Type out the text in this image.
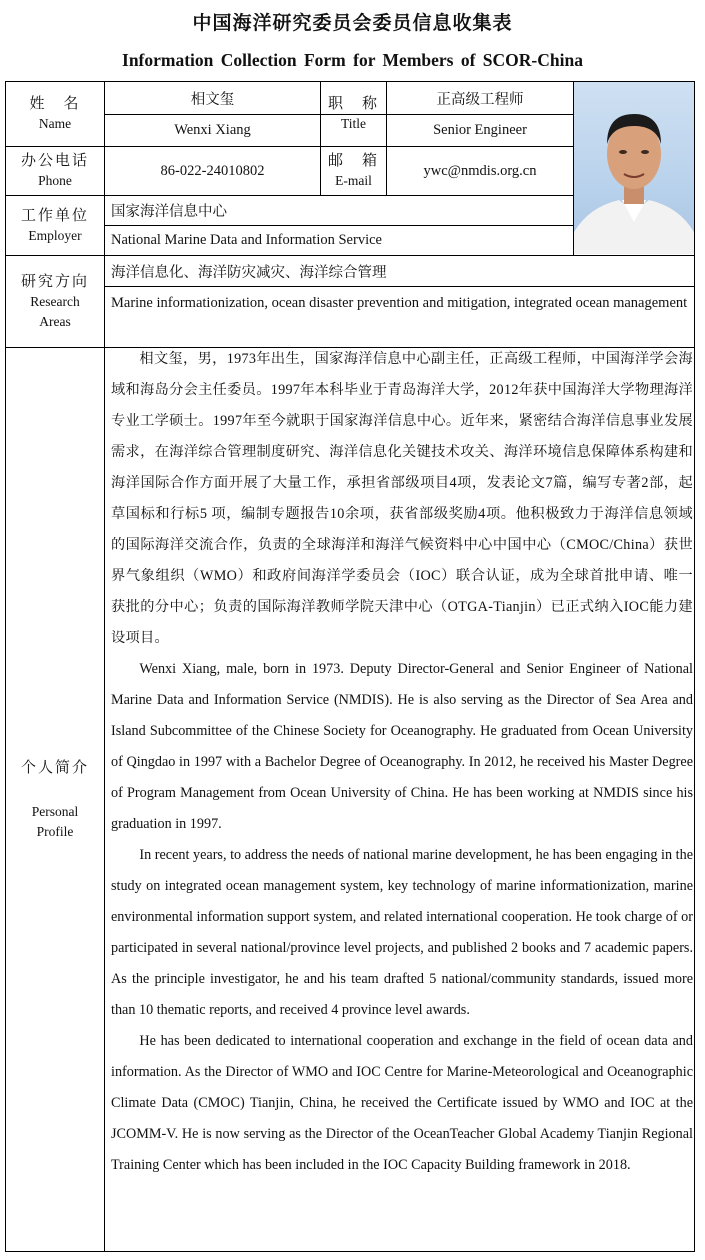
中国海洋研究委员会委员信息收集表
Information Collection Form for Members of SCOR-China
姓　名
Name
相文玺
Wenxi Xiang
职　称
Title
正高级工程师
Senior Engineer
办公电话
Phone
86-022-24010802
邮　箱
E-mail
ywc@nmdis.org.cn
工作单位
Employer
国家海洋信息中心
National Marine Data and Information Service
研究方向
Research
Areas
海洋信息化、海洋防灾减灾、海洋综合管理
Marine informationization, ocean disaster prevention and mitigation, integrated ocean management
个人简介
Personal
Profile

相文玺，男，1973年出生，国家海洋信息中心副主任，正高级工程师，中国海洋学会海域和海岛分会主任委员。1997年本科毕业于青岛海洋大学，2012年获中国海洋大学物理海洋专业工学硕士。1997年至今就职于国家海洋信息中心。近年来，紧密结合海洋信息事业发展需求，在海洋综合管理制度研究、海洋信息化关键技术攻关、海洋环境信息保障体系构建和海洋国际合作方面开展了大量工作，承担省部级项目4项，发表论文7篇，编写专著2部，起草国标和行标5 项，编制专题报告10余项，获省部级奖励4项。他积极致力于海洋信息领域的国际海洋交流合作，负责的全球海洋和海洋气候资料中心中国中心（CMOC/China）获世界气象组织（WMO）和政府间海洋学委员会（IOC）联合认证，成为全球首批申请、唯一获批的分中心；负责的国际海洋教师学院天津中心（OTGA-Tianjin）已正式纳入IOC能力建设项目。

Wenxi Xiang, male, born in 1973. Deputy Director-General and Senior Engineer of National Marine Data and Information Service (NMDIS). He is also serving as the Director of Sea Area and Island Subcommittee of the Chinese Society for Oceanography. He graduated from Ocean University of Qingdao in 1997 with a Bachelor Degree of Oceanography. In 2012, he received his Master Degree of Program Management from Ocean University of China. He has been working at NMDIS since his graduation in 1997.

In recent years, to address the needs of national marine development, he has been engaging in the study on integrated ocean management system, key technology of marine informationization, marine environmental information support system, and related international cooperation. He took charge of or participated in several national/province level projects, and published 2 books and 7 academic papers. As the principle investigator, he and his team drafted 5 national/community standards, issued more than 10 thematic reports, and received 4 province level awards.

He has been dedicated to international cooperation and exchange in the field of ocean data and information. As the Director of WMO and IOC Centre for Marine-Meteorological and Oceanographic Climate Data (CMOC) Tianjin, China, he received the Certificate issued by WMO and IOC at the JCOMM-V. He is now serving as the Director of the OceanTeacher Global Academy Tianjin Regional Training Center which has been included in the IOC Capacity Building framework in 2018.
